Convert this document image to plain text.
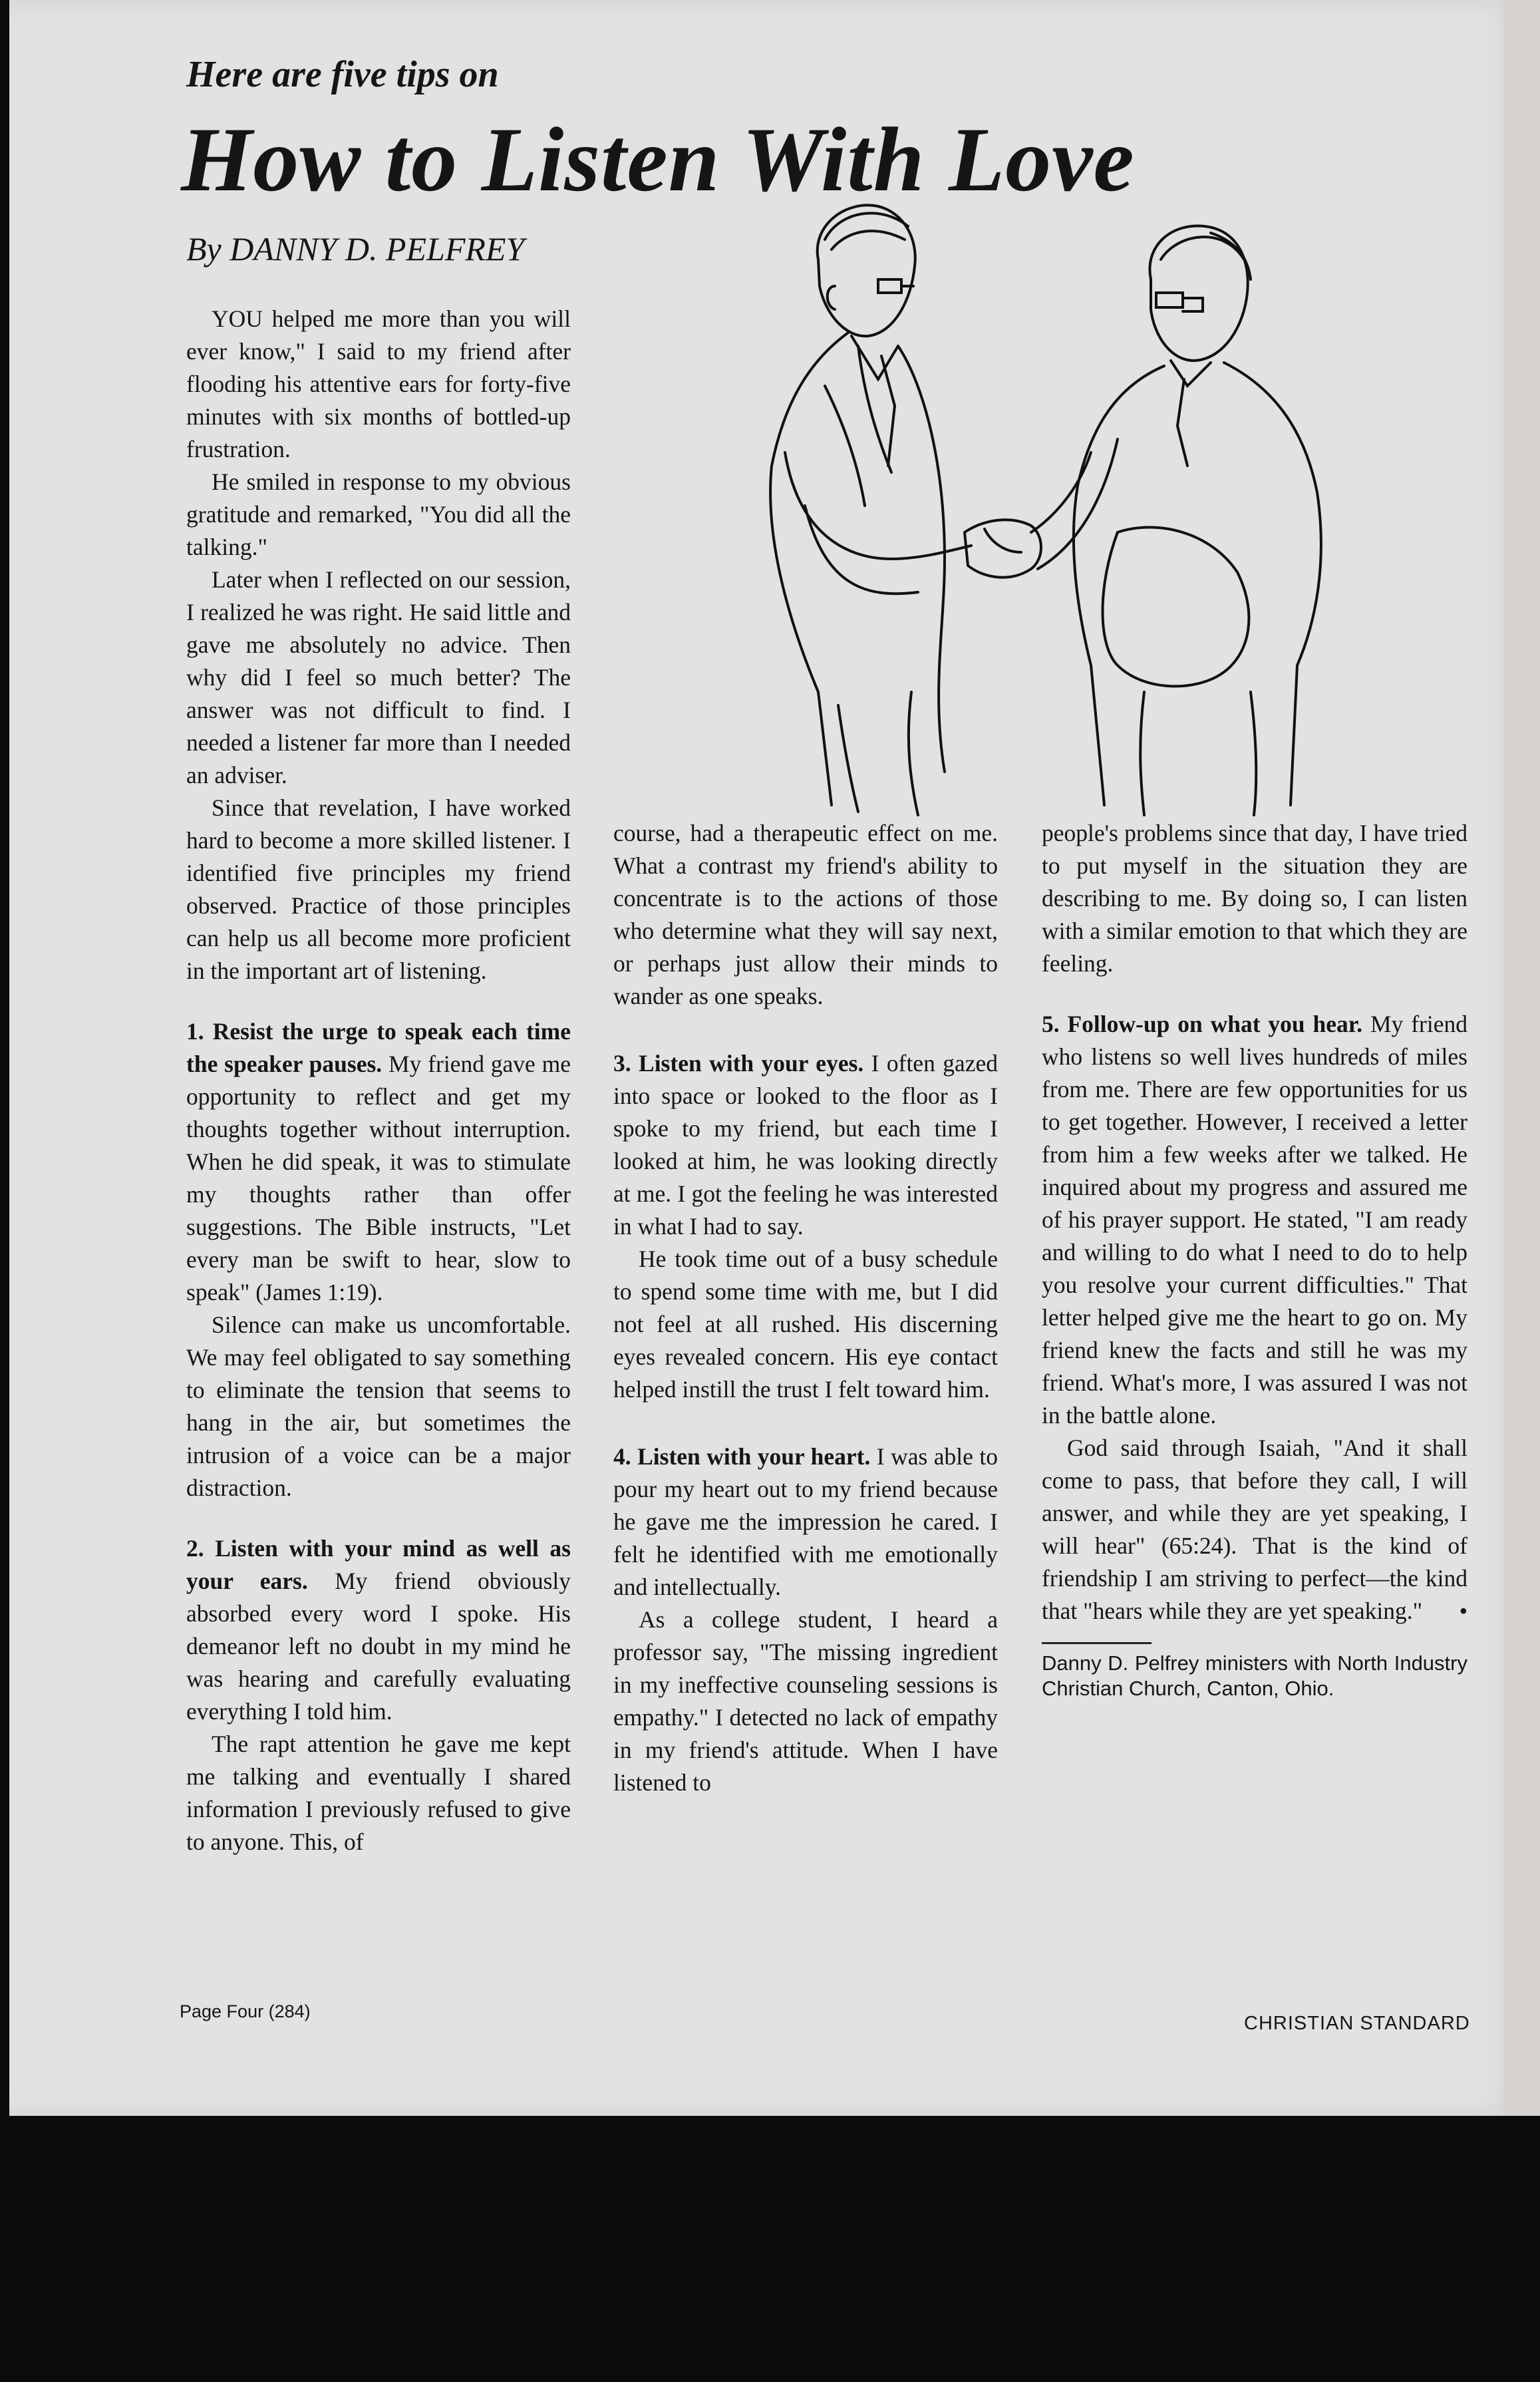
Here are five tips on
How to Listen With Love
By DANNY D. PELFREY

YOU helped me more than you will ever know," I said to my friend after flooding his attentive ears for forty-five minutes with six months of bottled-up frustration.

He smiled in response to my obvious gratitude and remarked, "You did all the talking."

Later when I reflected on our session, I realized he was right. He said little and gave me absolutely no advice. Then why did I feel so much better? The answer was not difficult to find. I needed a listener far more than I needed an adviser.

Since that revelation, I have worked hard to become a more skilled listener. I identified five principles my friend observed. Practice of those principles can help us all become more proficient in the important art of listening.

1. Resist the urge to speak each time the speaker pauses. My friend gave me opportunity to reflect and get my thoughts together without interruption. When he did speak, it was to stimulate my thoughts rather than offer suggestions. The Bible instructs, "Let every man be swift to hear, slow to speak" (James 1:19).

Silence can make us uncomfortable. We may feel obligated to say something to eliminate the tension that seems to hang in the air, but sometimes the intrusion of a voice can be a major distraction.

2. Listen with your mind as well as your ears. My friend obviously absorbed every word I spoke. His demeanor left no doubt in my mind he was hearing and carefully evaluating everything I told him.

The rapt attention he gave me kept me talking and eventually I shared information I previously refused to give to anyone. This, of

course, had a therapeutic effect on me. What a contrast my friend's ability to concentrate is to the actions of those who determine what they will say next, or perhaps just allow their minds to wander as one speaks.

3. Listen with your eyes. I often gazed into space or looked to the floor as I spoke to my friend, but each time I looked at him, he was looking directly at me. I got the feeling he was interested in what I had to say.

He took time out of a busy schedule to spend some time with me, but I did not feel at all rushed. His discerning eyes revealed concern. His eye contact helped instill the trust I felt toward him.

4. Listen with your heart. I was able to pour my heart out to my friend because he gave me the impression he cared. I felt he identified with me emotionally and intellectually.

As a college student, I heard a professor say, "The missing ingredient in my ineffective counseling sessions is empathy." I detected no lack of empathy in my friend's attitude. When I have listened to

people's problems since that day, I have tried to put myself in the situation they are describing to me. By doing so, I can listen with a similar emotion to that which they are feeling.

5. Follow-up on what you hear. My friend who listens so well lives hundreds of miles from me. There are few opportunities for us to get together. However, I received a letter from him a few weeks after we talked. He inquired about my progress and assured me of his prayer support. He stated, "I am ready and willing to do what I need to do to help you resolve your current difficulties." That letter helped give me the heart to go on. My friend knew the facts and still he was my friend. What's more, I was assured I was not in the battle alone.

God said through Isaiah, "And it shall come to pass, that before they call, I will answer, and while they are yet speaking, I will hear" (65:24). That is the kind of friendship I am striving to perfect—the kind that "hears while they are yet speaking."	•

Danny D. Pelfrey ministers with North Industry Christian Church, Canton, Ohio.
Page Four (284)
CHRISTIAN STANDARD
